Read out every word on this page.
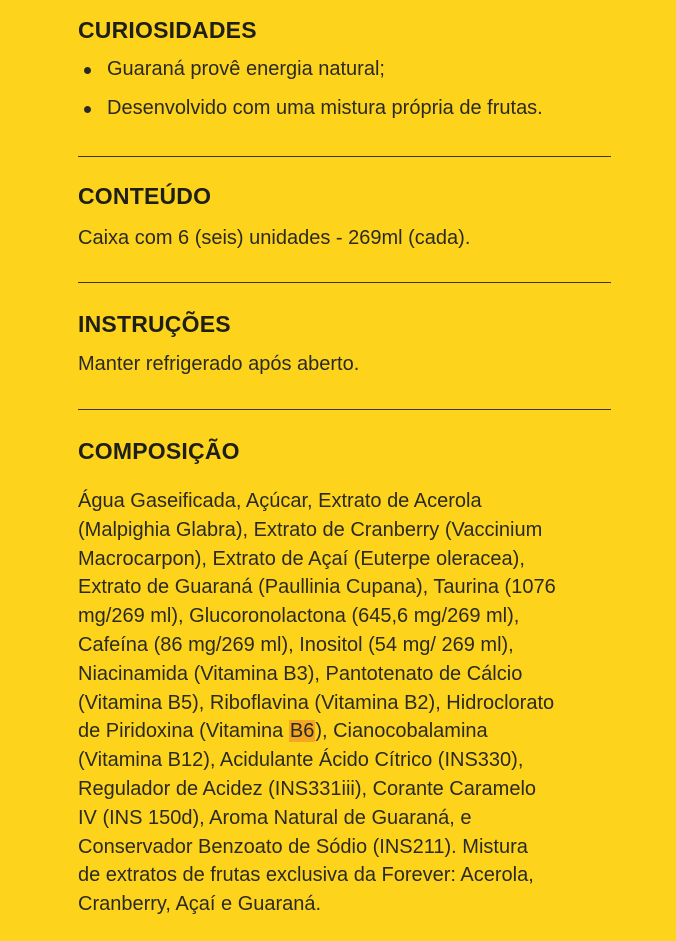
CURIOSIDADES
Guaraná provê energia natural;
Desenvolvido com uma mistura própria de frutas.
CONTEÚDO

Caixa com 6 (seis) unidades - 269ml (cada).

INSTRUÇÕES

Manter refrigerado após aberto.

COMPOSIÇÃO

Água Gaseificada, Açúcar, Extrato de Acerola

(Malpighia Glabra), Extrato de Cranberry (Vaccinium

Macrocarpon), Extrato de Açaí (Euterpe oleracea),

Extrato de Guaraná (Paullinia Cupana), Taurina (1076

mg/269 ml), Glucoronolactona (645,6 mg/269 ml),

Cafeína (86 mg/269 ml), Inositol (54 mg/ 269 ml),

Niacinamida (Vitamina B3), Pantotenato de Cálcio

(Vitamina B5), Riboflavina (Vitamina B2), Hidroclorato

de Piridoxina (Vitamina B6), Cianocobalamina

(Vitamina B12), Acidulante Ácido Cítrico (INS330),

Regulador de Acidez (INS331iii), Corante Caramelo

IV (INS 150d), Aroma Natural de Guaraná, e

Conservador Benzoato de Sódio (INS211). Mistura

de extratos de frutas exclusiva da Forever: Acerola,

Cranberry, Açaí e Guaraná.
